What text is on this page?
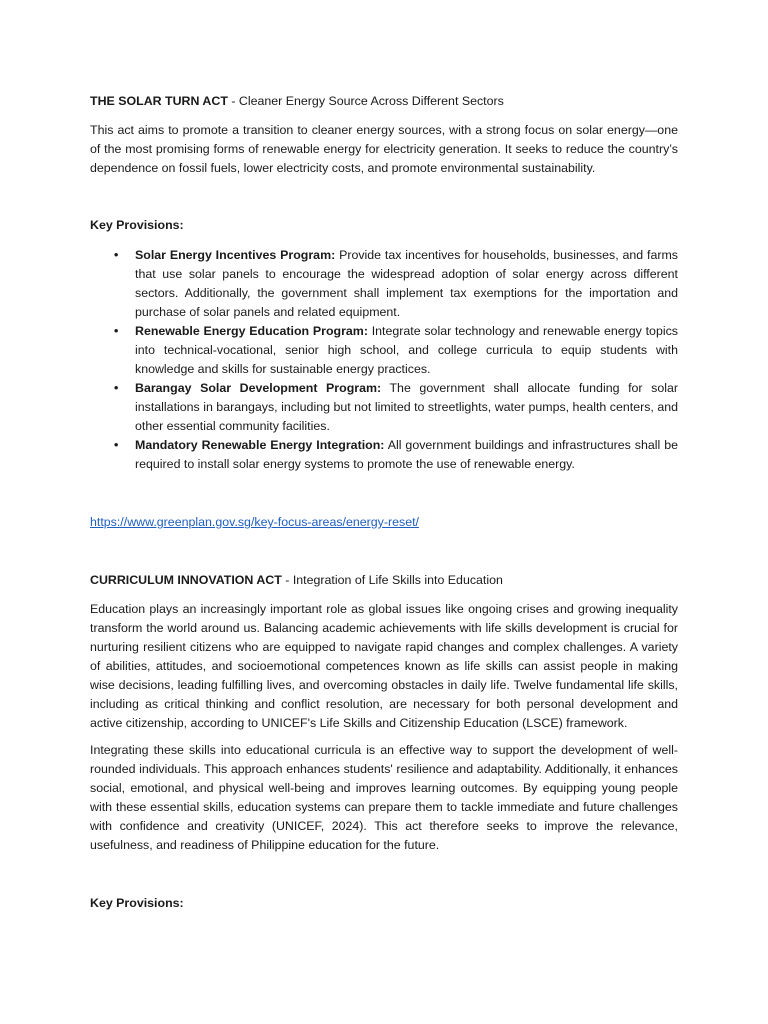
THE SOLAR TURN ACT - Cleaner Energy Source Across Different Sectors

This act aims to promote a transition to cleaner energy sources, with a strong focus on solar energy—one of the most promising forms of renewable energy for electricity generation. It seeks to reduce the country’s dependence on fossil fuels, lower electricity costs, and promote environmental sustainability.

Key Provisions:

• Solar Energy Incentives Program: Provide tax incentives for households, businesses, and farms that use solar panels to encourage the widespread adoption of solar energy across different sectors. Additionally, the government shall implement tax exemptions for the importation and purchase of solar panels and related equipment.
• Renewable Energy Education Program: Integrate solar technology and renewable energy topics into technical-vocational, senior high school, and college curricula to equip students with knowledge and skills for sustainable energy practices.
• Barangay Solar Development Program: The government shall allocate funding for solar installations in barangays, including but not limited to streetlights, water pumps, health centers, and other essential community facilities.
• Mandatory Renewable Energy Integration: All government buildings and infrastructures shall be required to install solar energy systems to promote the use of renewable energy.

https://www.greenplan.gov.sg/key-focus-areas/energy-reset/

CURRICULUM INNOVATION ACT - Integration of Life Skills into Education

Education plays an increasingly important role as global issues like ongoing crises and growing inequality transform the world around us. Balancing academic achievements with life skills development is crucial for nurturing resilient citizens who are equipped to navigate rapid changes and complex challenges. A variety of abilities, attitudes, and socioemotional competences known as life skills can assist people in making wise decisions, leading fulfilling lives, and overcoming obstacles in daily life. Twelve fundamental life skills, including as critical thinking and conflict resolution, are necessary for both personal development and active citizenship, according to UNICEF's Life Skills and Citizenship Education (LSCE) framework.

Integrating these skills into educational curricula is an effective way to support the development of well-rounded individuals. This approach enhances students' resilience and adaptability. Additionally, it enhances social, emotional, and physical well-being and improves learning outcomes. By equipping young people with these essential skills, education systems can prepare them to tackle immediate and future challenges with confidence and creativity (UNICEF, 2024). This act therefore seeks to improve the relevance, usefulness, and readiness of Philippine education for the future.

Key Provisions:
